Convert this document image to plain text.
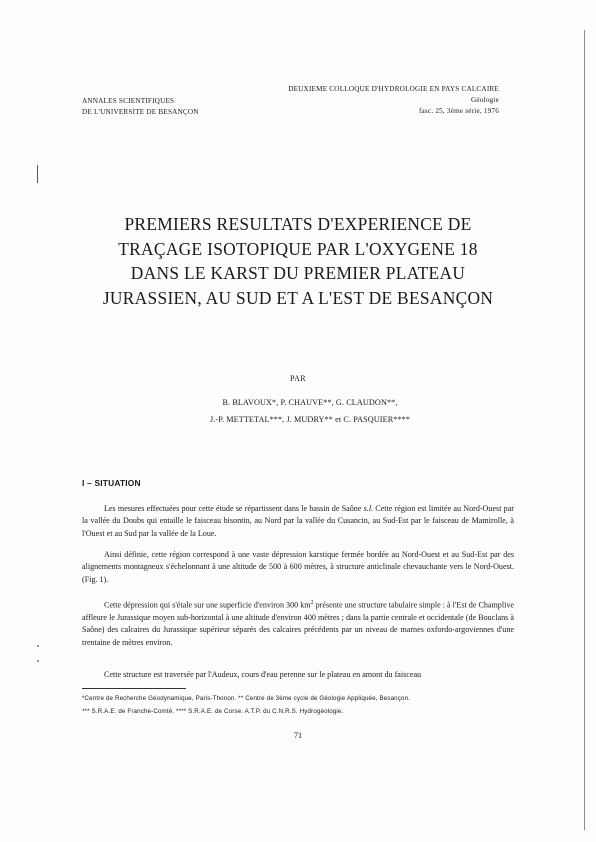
ANNALES SCIENTIFIQUES
DE L'UNIVERSITE DE BESANÇON
DEUXIEME COLLOQUE D'HYDROLOGIE EN PAYS CALCAIRE
Géologie
fasc. 25, 3ème série, 1976
PREMIERS RESULTATS D'EXPERIENCE DE
TRAÇAGE ISOTOPIQUE PAR L'OXYGENE 18
DANS LE KARST DU PREMIER PLATEAU
JURASSIEN, AU SUD ET A L'EST DE BESANÇON
PAR
B. BLAVOUX*, P. CHAUVE**, G. CLAUDON**,
J.-P. METTETAL***, J. MUDRY** et C. PASQUIER****
I – SITUATION

Les mesures effectuées pour cette étude se répartissent dans le bassin de Saône s.l. Cette région est limitée au Nord-Ouest par la vallée du Doubs qui entaille le faisceau bisontin, au Nord par la vallée du Cusancin, au Sud-Est par le faisceau de Mamirolle, à l'Ouest et au Sud par la vallée de la Loue.

Ainsi définie, cette région correspond à une vaste dépression karstique fermée bordée au Nord-Ouest et au Sud-Est par des alignements montagneux s'échelonnant à une altitude de 500 à 600 mètres, à structure anticlinale chevauchante vers le Nord-Ouest. (Fig. 1).

Cette dépression qui s'étale sur une superficie d'environ 300 $km^2$ présente une structure tabulaire simple : à l'Est de Champlive affleure le Jurassique moyen sub-horizontal à une altitude d'environ 400 mètres ; dans la partie centrale et occidentale (de Bouclans à Saône) des calcaires du Jurassique supérieur séparés des calcaires précédents par un niveau de marnes oxfordo-argoviennes d'une trentaine de mètres environ.

Cette structure est traversée par l'Audeux, cours d'eau perenne sur le plateau en amont du faisceau

*Centre de Recherche Géodynamique, Paris-Thonon. ** Centre de 3ème cycle de Géologie Appliquée, Besançon.
*** S.R.A.E. de Franche-Comté. **** S.R.A.E. de Corse. A.T.P. du C.N.R.S. Hydrogéologie.
71
